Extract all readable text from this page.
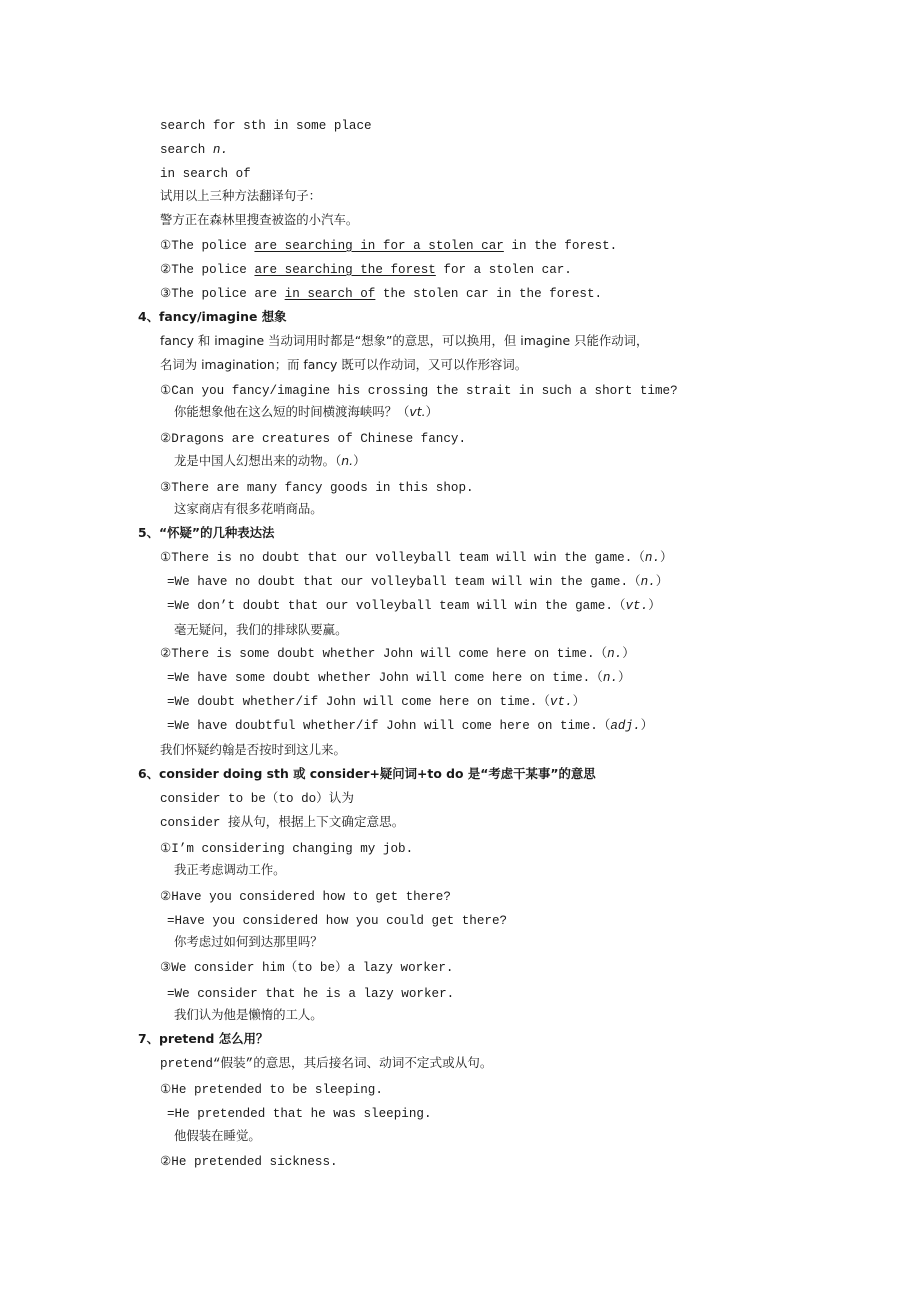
search for sth in some place
search n.
in search of
试用以上三种方法翻译句子：
警方正在森林里搜查被盗的小汽车。
①The police are searching in for a stolen car in the forest.
②The police are searching the forest for a stolen car.
③The police are in search of the stolen car in the forest.
4、fancy/imagine 想象
fancy 和 imagine 当动词用时都是“想象”的意思，可以换用，但 imagine 只能作动词，
名词为 imagination；而 fancy 既可以作动词，又可以作形容词。
①Can you fancy/imagine his crossing the strait in such a short time?
你能想象他在这么短的时间横渡海峡吗？（vt.）
②Dragons are creatures of Chinese fancy.
龙是中国人幻想出来的动物。（n.）
③There are many fancy goods in this shop.
这家商店有很多花哨商品。
5、“怀疑”的几种表达法
①There is no doubt that our volleyball team will win the game.（n.）
=We have no doubt that our volleyball team will win the game.（n.）
=We don’t doubt that our volleyball team will win the game.（vt.）
毫无疑问，我们的排球队要赢。
②There is some doubt whether John will come here on time.（n.）
=We have some doubt whether John will come here on time.（n.）
=We doubt whether/if John will come here on time.（vt.）
=We have doubtful whether/if John will come here on time.（adj.）
我们怀疑约翰是否按时到这儿来。
6、consider doing sth 或 consider+疑问词+to do 是“考虑干某事”的意思
consider to be（to do）认为
consider 接从句，根据上下文确定意思。
①I’m considering changing my job.
我正考虑调动工作。
②Have you considered how to get there?
=Have you considered how you could get there?
你考虑过如何到达那里吗？
③We consider him（to be）a lazy worker.
=We consider that he is a lazy worker.
我们认为他是懒惰的工人。
7、pretend 怎么用？
pretend“假装”的意思，其后接名词、动词不定式或从句。
①He pretended to be sleeping.
=He pretended that he was sleeping.
他假装在睡觉。
②He pretended sickness.
